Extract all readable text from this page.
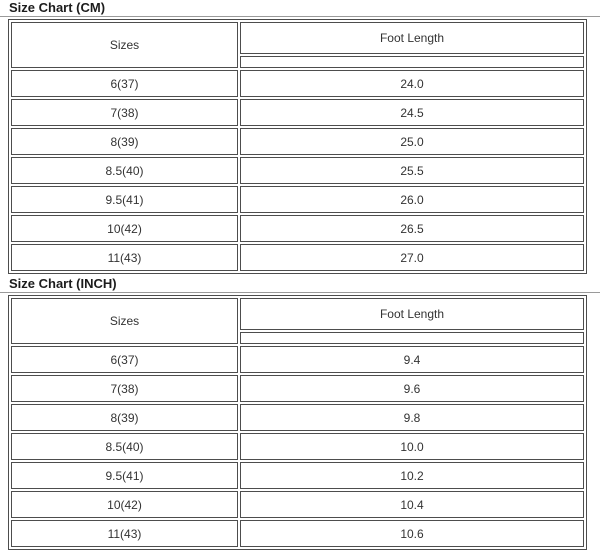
Size Chart (CM)
Sizes	Foot Length

6(37)	24.0
7(38)	24.5
8(39)	25.0
8.5(40)	25.5
9.5(41)	26.0
10(42)	26.5
11(43)	27.0
Size Chart (INCH)
Sizes	Foot Length

6(37)	9.4
7(38)	9.6
8(39)	9.8
8.5(40)	10.0
9.5(41)	10.2
10(42)	10.4
11(43)	10.6
